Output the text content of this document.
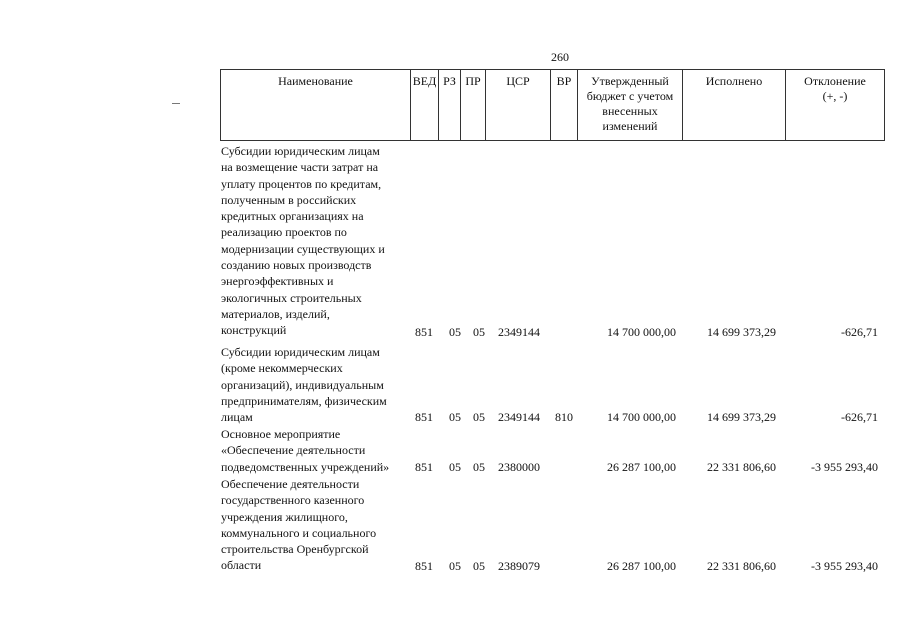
260
Наименование	ВЕД РЗ ПР	ЦСР	ВР	Утвержденный
бюджет с учетом
внесенных
изменений
Исполнено	Отклонение
(+, -)
Субсидии юридическим лицам
на возмещение части затрат на
уплату процентов по кредитам,
полученным в российских
кредитных организациях на
реализацию проектов по
модернизации существующих и
созданию новых производств
энергоэффективных и
экологичных строительных
материалов, изделий,
конструкций	851 05 05 2349144	14 700 000,00	14 699 373,29	-626,71
Субсидии юридическим лицам
(кроме некоммерческих
организаций), индивидуальным
предпринимателям, физическим
лицам	851 05 05 2349144 810	14 700 000,00	14 699 373,29	-626,71
Основное мероприятие
«Обеспечение деятельности
подведомственных учреждений»	851 05 05 2380000	26 287 100,00	22 331 806,60	-3 955 293,40
Обеспечение деятельности
государственного казенного
учреждения жилищного,
коммунального и социального
строительства Оренбургской
области	851 05 05 2389079	26 287 100,00	22 331 806,60	-3 955 293,40
